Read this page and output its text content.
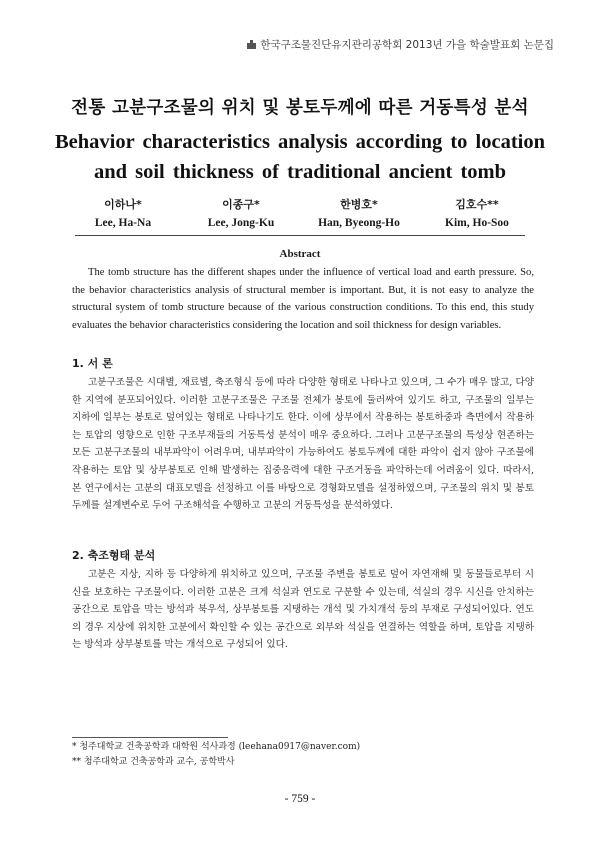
한국구조물진단유지관리공학회 2013년 가을 학술발표회 논문집
전통 고분구조물의 위치 및 봉토두께에 따른 거동특성 분석
Behavior characteristics analysis according to location and soil thickness of traditional ancient tomb
이하나*
Lee, Ha-Na
이종구*
Lee, Jong-Ku
한병호*
Han, Byeong-Ho
김호수**
Kim, Ho-Soo
Abstract

The tomb structure has the different shapes under the influence of vertical load and earth pressure. So, the behavior characteristics analysis of structural member is important. But, it is not easy to analyze the structural system of tomb structure because of the various construction conditions. To this end, this study evaluates the behavior characteristics considering the location and soil thickness for design variables.

1. 서 론

고분구조물은 시대별, 재료별, 축조형식 등에 따라 다양한 형태로 나타나고 있으며, 그 수가 매우 많고, 다양한 지역에 분포되어있다. 이러한 고분구조물은 구조물 전체가 봉토에 둘러싸여 있기도 하고, 구조물의 일부는 지하에 일부는 봉토로 덮여있는 형태로 나타나기도 한다. 이에 상부에서 작용하는 봉토하중과 측면에서 작용하는 토압의 영향으로 인한 구조부재들의 거동특성 분석이 매우 중요하다. 그러나 고분구조물의 특성상 현존하는 모든 고분구조물의 내부파악이 어려우며, 내부파악이 가능하여도 봉토두께에 대한 파악이 쉽지 않아 구조물에 작용하는 토압 및 상부봉토로 인해 발생하는 집중응력에 대한 구조거동을 파악하는데 어려움이 있다. 따라서, 본 연구에서는 고분의 대표모델을 선정하고 이를 바탕으로 경형화모델을 설정하였으며, 구조물의 위치 및 봉토두께를 설계변수로 두어 구조해석을 수행하고 고분의 거동특성을 분석하였다.

2. 축조형태 분석

고분은 지상, 지하 등 다양하게 위치하고 있으며, 구조물 주변을 봉토로 덮어 자연재해 및 동물들로부터 시신을 보호하는 구조물이다. 이러한 고분은 크게 석실과 연도로 구분할 수 있는데, 석실의 경우 시신을 안치하는 공간으로 토압을 막는 방석과 북우석, 상부봉토를 지탱하는 개석 및 가치개석 등의 부재로 구성되어있다. 연도의 경우 지상에 위치한 고분에서 확인할 수 있는 공간으로 외부와 석실을 연결하는 역할을 하며, 토압을 지탱하는 방석과 상부봉토를 막는 개석으로 구성되어 있다.

* 청주대학교 건축공학과 대학원 석사과정 (leehana0917@naver.com)
** 청주대학교 건축공학과 교수, 공학박사
- 759 -
